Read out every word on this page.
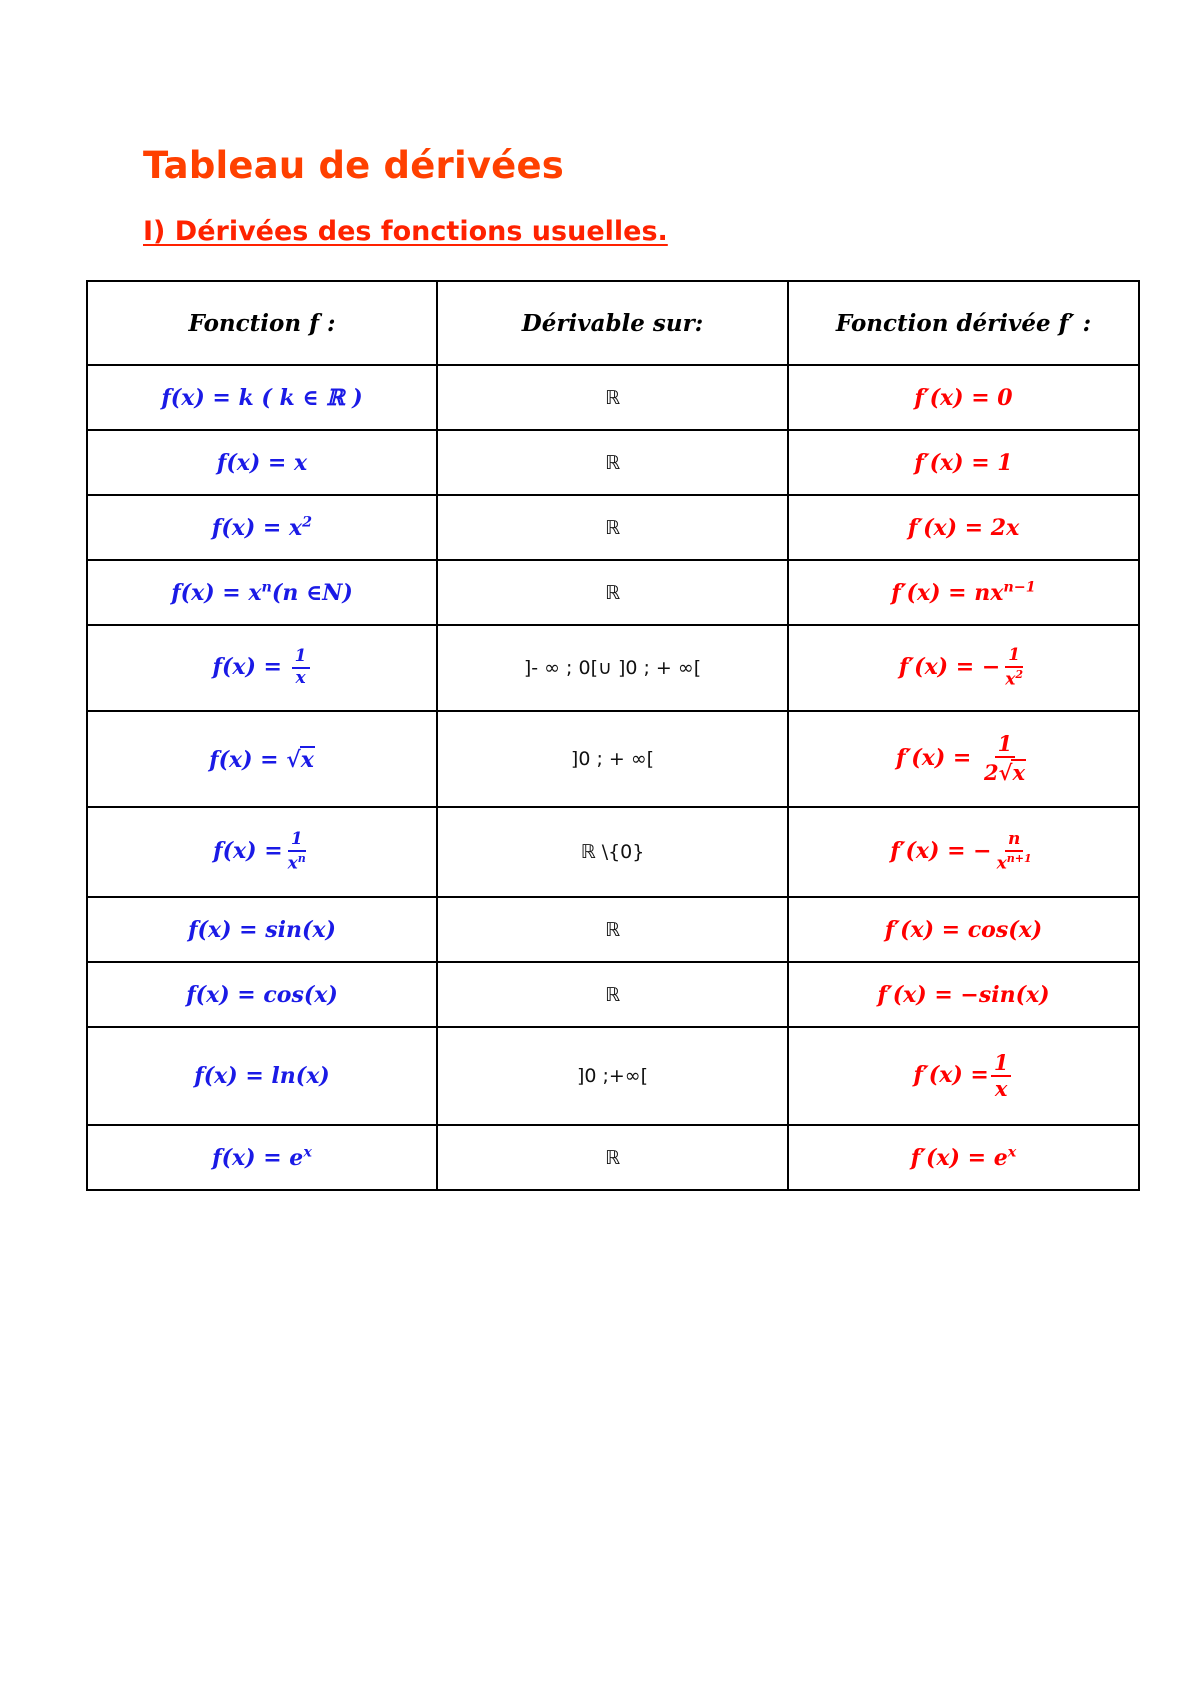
Tableau de dérivées
I) Dérivées des fonctions usuelles.
Fonction f :	Dérivable sur:	Fonction dérivée f′ :
f(x) = k ( k ∈ ℝ )	ℝ	f′(x) = 0
f(x) = x	ℝ	f′(x) = 1
$f(x) = x^2$	ℝ	f′(x) = 2x
$f(x) = x^n(n$ ∈N)	ℝ	$f'(x) = nx^{n-1}$
$f(x) = \frac{1}{x}$	]- ∞ ; 0[∪ ]0 ; + ∞[	f′(x) = − $\frac{1}{x^2}$

f(x) = √x	]0 ; + ∞[	$f'(x) = \frac{1}{2√x}$

$f(x) = \frac{1}{x^n}$	ℝ \{0}	f′(x) = − $\frac{n}{x^{n+1}}$

f(x) = sin(x)	ℝ	f′(x) = cos(x)
f(x) = cos(x)	ℝ	f′(x) = −sin(x)
f(x) = ln(x)	]0 ;+∞[	$f'(x) = \frac{1}{x}$

$f(x) = e^x$	ℝ	$f'(x) = e^x$
